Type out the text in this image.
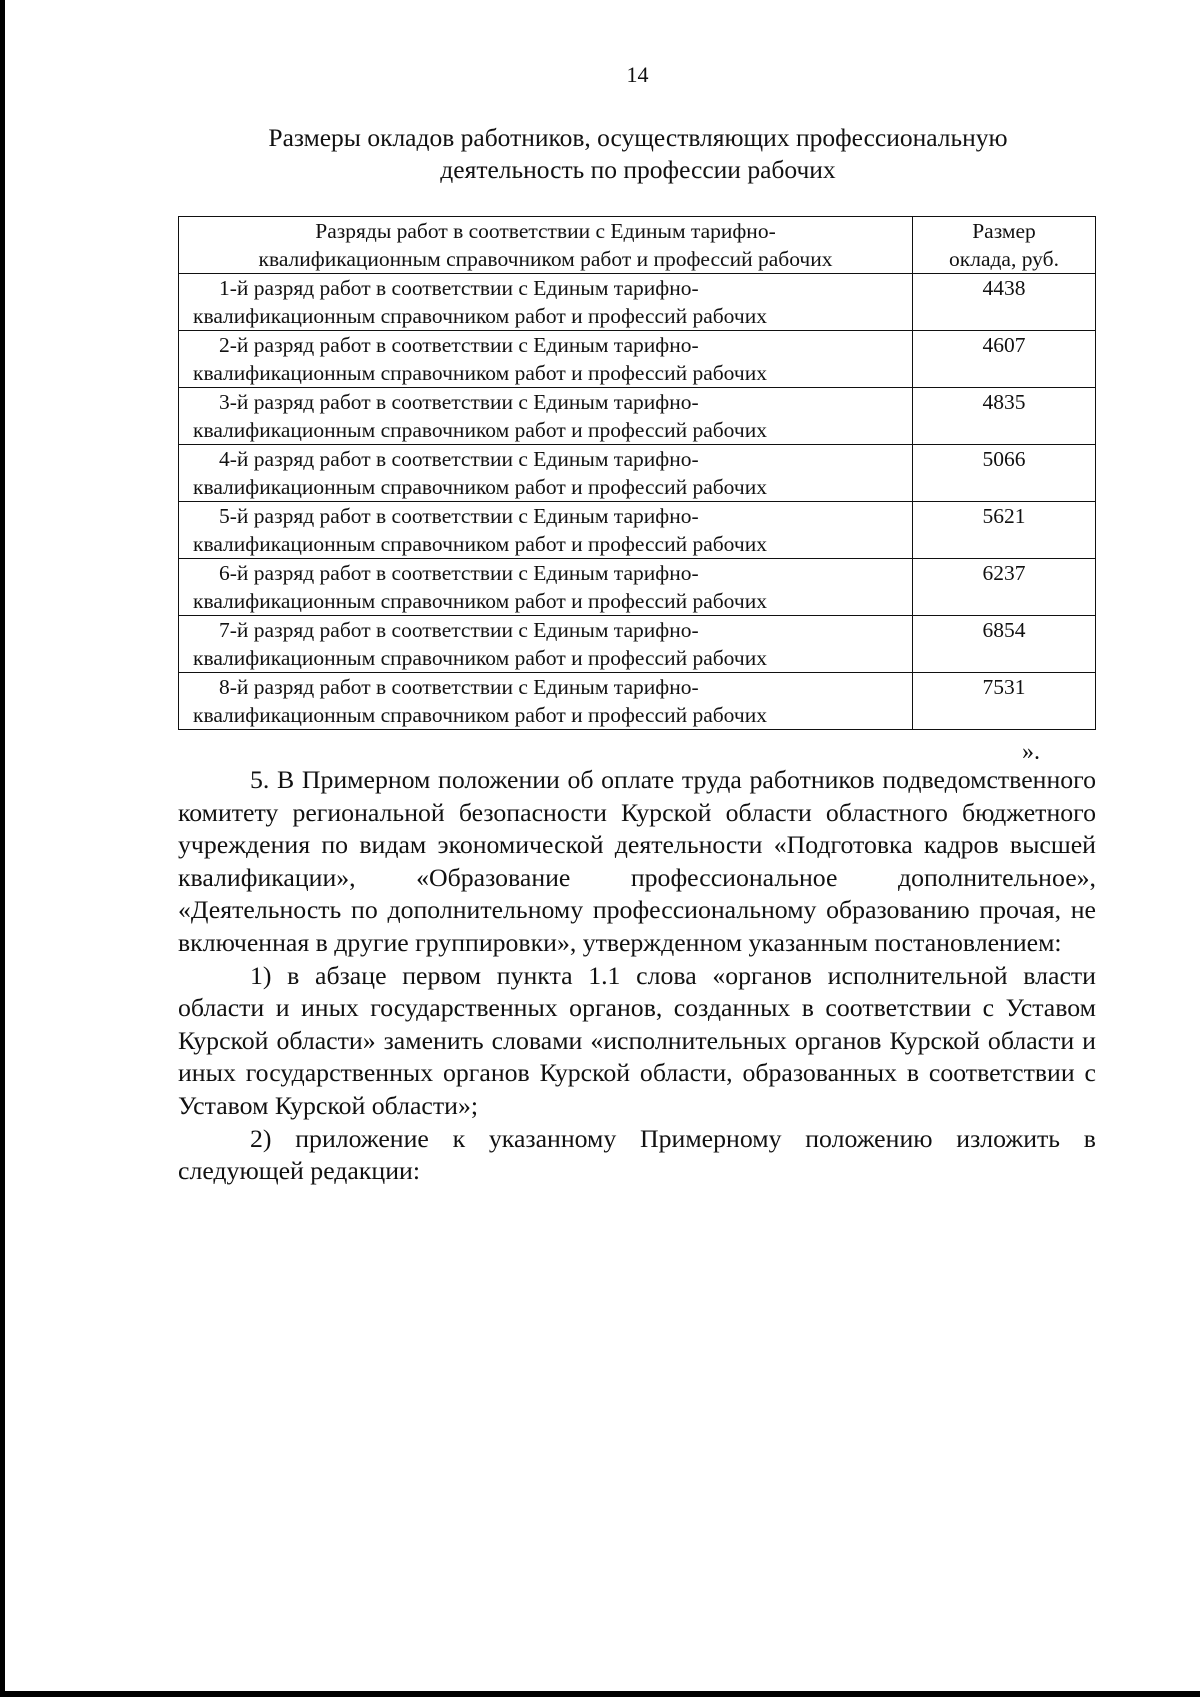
14
Размеры окладов работников, осуществляющих профессиональную
деятельность по профессии рабочих
Разряды работ в соответствии с Единым тарифно-
квалификационным справочником работ и профессий рабочих	Размер
оклада, руб.

1-й разряд работ в соответствии с Единым тарифно-
квалификационным справочником работ и профессий рабочих	4438

2-й разряд работ в соответствии с Единым тарифно-
квалификационным справочником работ и профессий рабочих	4607

3-й разряд работ в соответствии с Единым тарифно-
квалификационным справочником работ и профессий рабочих	4835

4-й разряд работ в соответствии с Единым тарифно-
квалификационным справочником работ и профессий рабочих	5066

5-й разряд работ в соответствии с Единым тарифно-
квалификационным справочником работ и профессий рабочих	5621

6-й разряд работ в соответствии с Единым тарифно-
квалификационным справочником работ и профессий рабочих	6237

7-й разряд работ в соответствии с Единым тарифно-
квалификационным справочником работ и профессий рабочих	6854

8-й разряд работ в соответствии с Единым тарифно-
квалификационным справочником работ и профессий рабочих	7531
».

5. В Примерном положении об оплате труда работников подведомственного комитету региональной безопасности Курской области областного бюджетного учреждения по видам экономической деятельности «Подготовка кадров высшей квалификации», «Образование профессиональное дополнительное», «Деятельность по дополнительному профессиональному образованию прочая, не включенная в другие группировки», утвержденном указанным постановлением:

1) в абзаце первом пункта 1.1 слова «органов исполнительной власти области и иных государственных органов, созданных в соответствии с Уставом Курской области» заменить словами «исполнительных органов Курской области и иных государственных органов Курской области, образованных в соответствии с Уставом Курской области»;

2) приложение к указанному Примерному положению изложить в следующей редакции:
